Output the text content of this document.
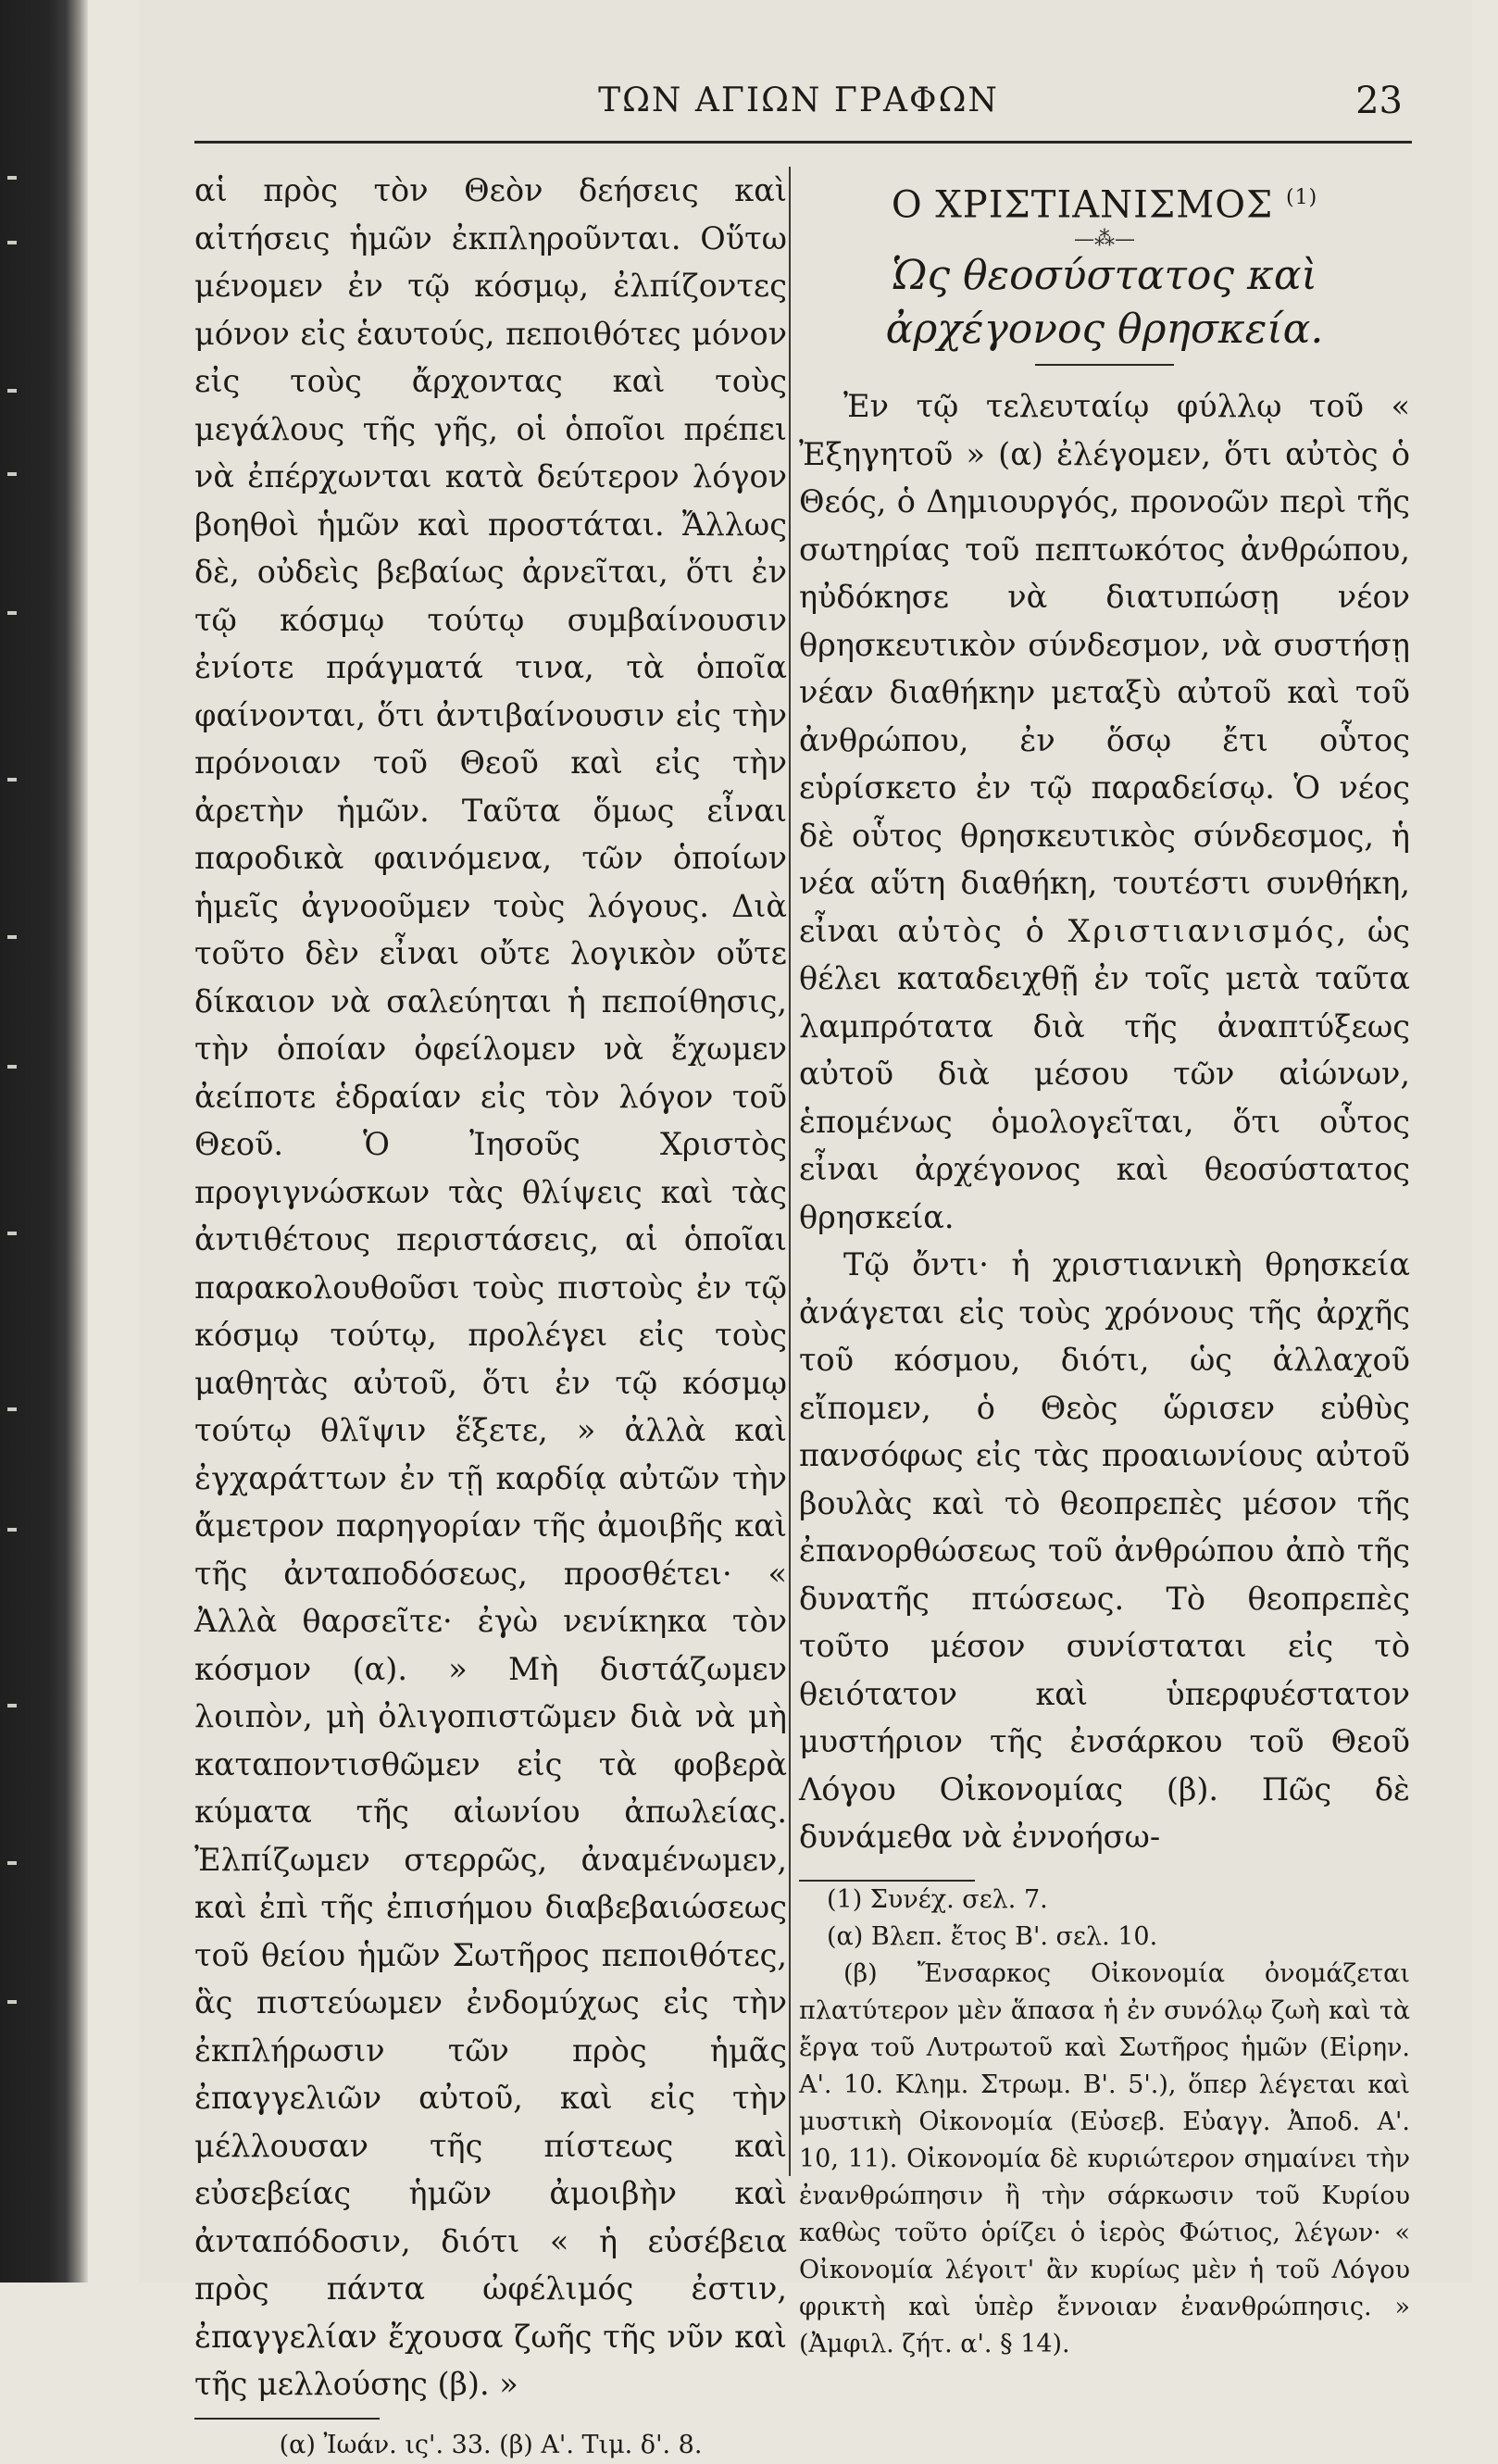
ΤΩΝ ΑΓΙΩΝ ΓΡΑΦΩΝ	23

αἱ πρὸς τὸν Θεὸν δεήσεις καὶ αἰτήσεις ἡμῶν ἐκπληροῦνται. Οὕτω μένομεν ἐν τῷ κόσμῳ, ἐλπίζοντες μόνον εἰς ἑαυτούς, πεποιθότες μόνον εἰς τοὺς ἄρχοντας καὶ τοὺς μεγάλους τῆς γῆς, οἱ ὁποῖοι πρέπει νὰ ἐπέρχωνται κατὰ δεύτερον λόγον βοηθοὶ ἡμῶν καὶ προστάται. Ἄλλως δὲ, οὐδεὶς βεβαίως ἀρνεῖται, ὅτι ἐν τῷ κόσμῳ τούτῳ συμβαίνουσιν ἐνίοτε πράγματά τινα, τὰ ὁποῖα φαίνονται, ὅτι ἀντιβαίνουσιν εἰς τὴν πρόνοιαν τοῦ Θεοῦ καὶ εἰς τὴν ἀρετὴν ἡμῶν. Ταῦτα ὅμως εἶναι παροδικὰ φαινόμενα, τῶν ὁποίων ἡμεῖς ἀγνοοῦμεν τοὺς λόγους. Διὰ τοῦτο δὲν εἶναι οὔτε λογικὸν οὔτε δίκαιον νὰ σαλεύηται ἡ πεποίθησις, τὴν ὁποίαν ὀφείλομεν νὰ ἔχωμεν ἀείποτε ἑδραίαν εἰς τὸν λόγον τοῦ Θεοῦ. Ὁ Ἰησοῦς Χριστὸς προγιγνώσκων τὰς θλίψεις καὶ τὰς ἀντιθέτους περιστάσεις, αἱ ὁποῖαι παρακολουθοῦσι τοὺς πιστοὺς ἐν τῷ κόσμῳ τούτῳ, προλέγει εἰς τοὺς μαθητὰς αὐτοῦ, ὅτι ἐν τῷ κόσμῳ τούτῳ θλῖψιν ἕξετε, » ἀλλὰ καὶ ἐγχαράττων ἐν τῇ καρδίᾳ αὐτῶν τὴν ἄμετρον παρηγορίαν τῆς ἀμοιβῆς καὶ τῆς ἀνταποδόσεως, προσθέτει· « Ἀλλὰ θαρσεῖτε· ἐγὼ νενίκηκα τὸν κόσμον (α). » Μὴ διστάζωμεν λοιπὸν, μὴ ὀλιγοπιστῶμεν διὰ νὰ μὴ καταποντισθῶμεν εἰς τὰ φοβερὰ κύματα τῆς αἰωνίου ἀπωλείας. Ἐλπίζωμεν στερρῶς, ἀναμένωμεν, καὶ ἐπὶ τῆς ἐπισήμου διαβεβαιώσεως τοῦ θείου ἡμῶν Σωτῆρος πεποιθότες, ἃς πιστεύωμεν ἐνδομύχως εἰς τὴν ἐκπλήρωσιν τῶν πρὸς ἡμᾶς ἐπαγγελιῶν αὐτοῦ, καὶ εἰς τὴν μέλλουσαν τῆς πίστεως καὶ εὐσεβείας ἡμῶν ἀμοιβὴν καὶ ἀνταπόδοσιν, διότι « ἡ εὐσέβεια πρὸς πάντα ὠφέλιμός ἐστιν, ἐπαγγελίαν ἔχουσα ζωῆς τῆς νῦν καὶ τῆς μελλούσης (β). »

(α) Ἰωάν. ις'. 33. (β) Α'. Τιμ. δ'. 8.

Ο ΧΡΙΣΤΙΑΝΙΣΜΟΣ $^{(1)}$
—⁂—
Ὡς θεοσύστατος καὶ ἀρχέγονος θρησκεία.

Ἐν τῷ τελευταίῳ φύλλῳ τοῦ « Ἐξηγητοῦ » (α) ἐλέγομεν, ὅτι αὐτὸς ὁ Θεός, ὁ Δημιουργός, προνοῶν περὶ τῆς σωτηρίας τοῦ πεπτωκότος ἀνθρώπου, ηὐδόκησε νὰ διατυπώσῃ νέον θρησκευτικὸν σύνδεσμον, νὰ συστήσῃ νέαν διαθήκην μεταξὺ αὐτοῦ καὶ τοῦ ἀνθρώπου, ἐν ὅσῳ ἔτι οὗτος εὑρίσκετο ἐν τῷ παραδείσῳ. Ὁ νέος δὲ οὗτος θρησκευτικὸς σύνδεσμος, ἡ νέα αὕτη διαθήκη, τουτέστι συνθήκη, εἶναι αὐτὸς ὁ Χριστιανισμός, ὡς θέλει καταδειχθῇ ἐν τοῖς μετὰ ταῦτα λαμπρότατα διὰ τῆς ἀναπτύξεως αὐτοῦ διὰ μέσου τῶν αἰώνων, ἑπομένως ὁμολογεῖται, ὅτι οὗτος εἶναι ἀρχέγονος καὶ θεοσύστατος θρησκεία.

Τῷ ὄντι· ἡ χριστιανικὴ θρησκεία ἀνάγεται εἰς τοὺς χρόνους τῆς ἀρχῆς τοῦ κόσμου, διότι, ὡς ἀλλαχοῦ εἴπομεν, ὁ Θεὸς ὥρισεν εὐθὺς πανσόφως εἰς τὰς προαιωνίους αὐτοῦ βουλὰς καὶ τὸ θεοπρεπὲς μέσον τῆς ἐπανορθώσεως τοῦ ἀνθρώπου ἀπὸ τῆς δυνατῆς πτώσεως. Τὸ θεοπρεπὲς τοῦτο μέσον συνίσταται εἰς τὸ θειότατον καὶ ὑπερφυέστατον μυστήριον τῆς ἐνσάρκου τοῦ Θεοῦ Λόγου Οἰκονομίας (β). Πῶς δὲ δυνάμεθα νὰ ἐννοήσω-

(1) Συνέχ. σελ. 7.

(α) Βλεπ. ἔτος Β'. σελ. 10.

(β) Ἔνσαρκος Οἰκονομία ὀνομάζεται πλατύτερον μὲν ἅπασα ἡ ἐν συνόλῳ ζωὴ καὶ τὰ ἔργα τοῦ Λυτρωτοῦ καὶ Σωτῆρος ἡμῶν (Εἰρην. Α'. 10. Κλημ. Στρωμ. Β'. 5'.), ὅπερ λέγεται καὶ μυστικὴ Οἰκονομία (Εὐσεβ. Εὐαγγ. Ἀποδ. Α'. 10, 11). Οἰκονομία δὲ κυριώτερον σημαίνει τὴν ἐνανθρώπησιν ἢ τὴν σάρκωσιν τοῦ Κυρίου καθὼς τοῦτο ὁρίζει ὁ ἱερὸς Φώτιος, λέγων· « Οἰκονομία λέγοιτ' ἂν κυρίως μὲν ἡ τοῦ Λόγου φρικτὴ καὶ ὑπὲρ ἔννοιαν ἐνανθρώπησις. » (Ἀμφιλ. ζήτ. α'. § 14).
